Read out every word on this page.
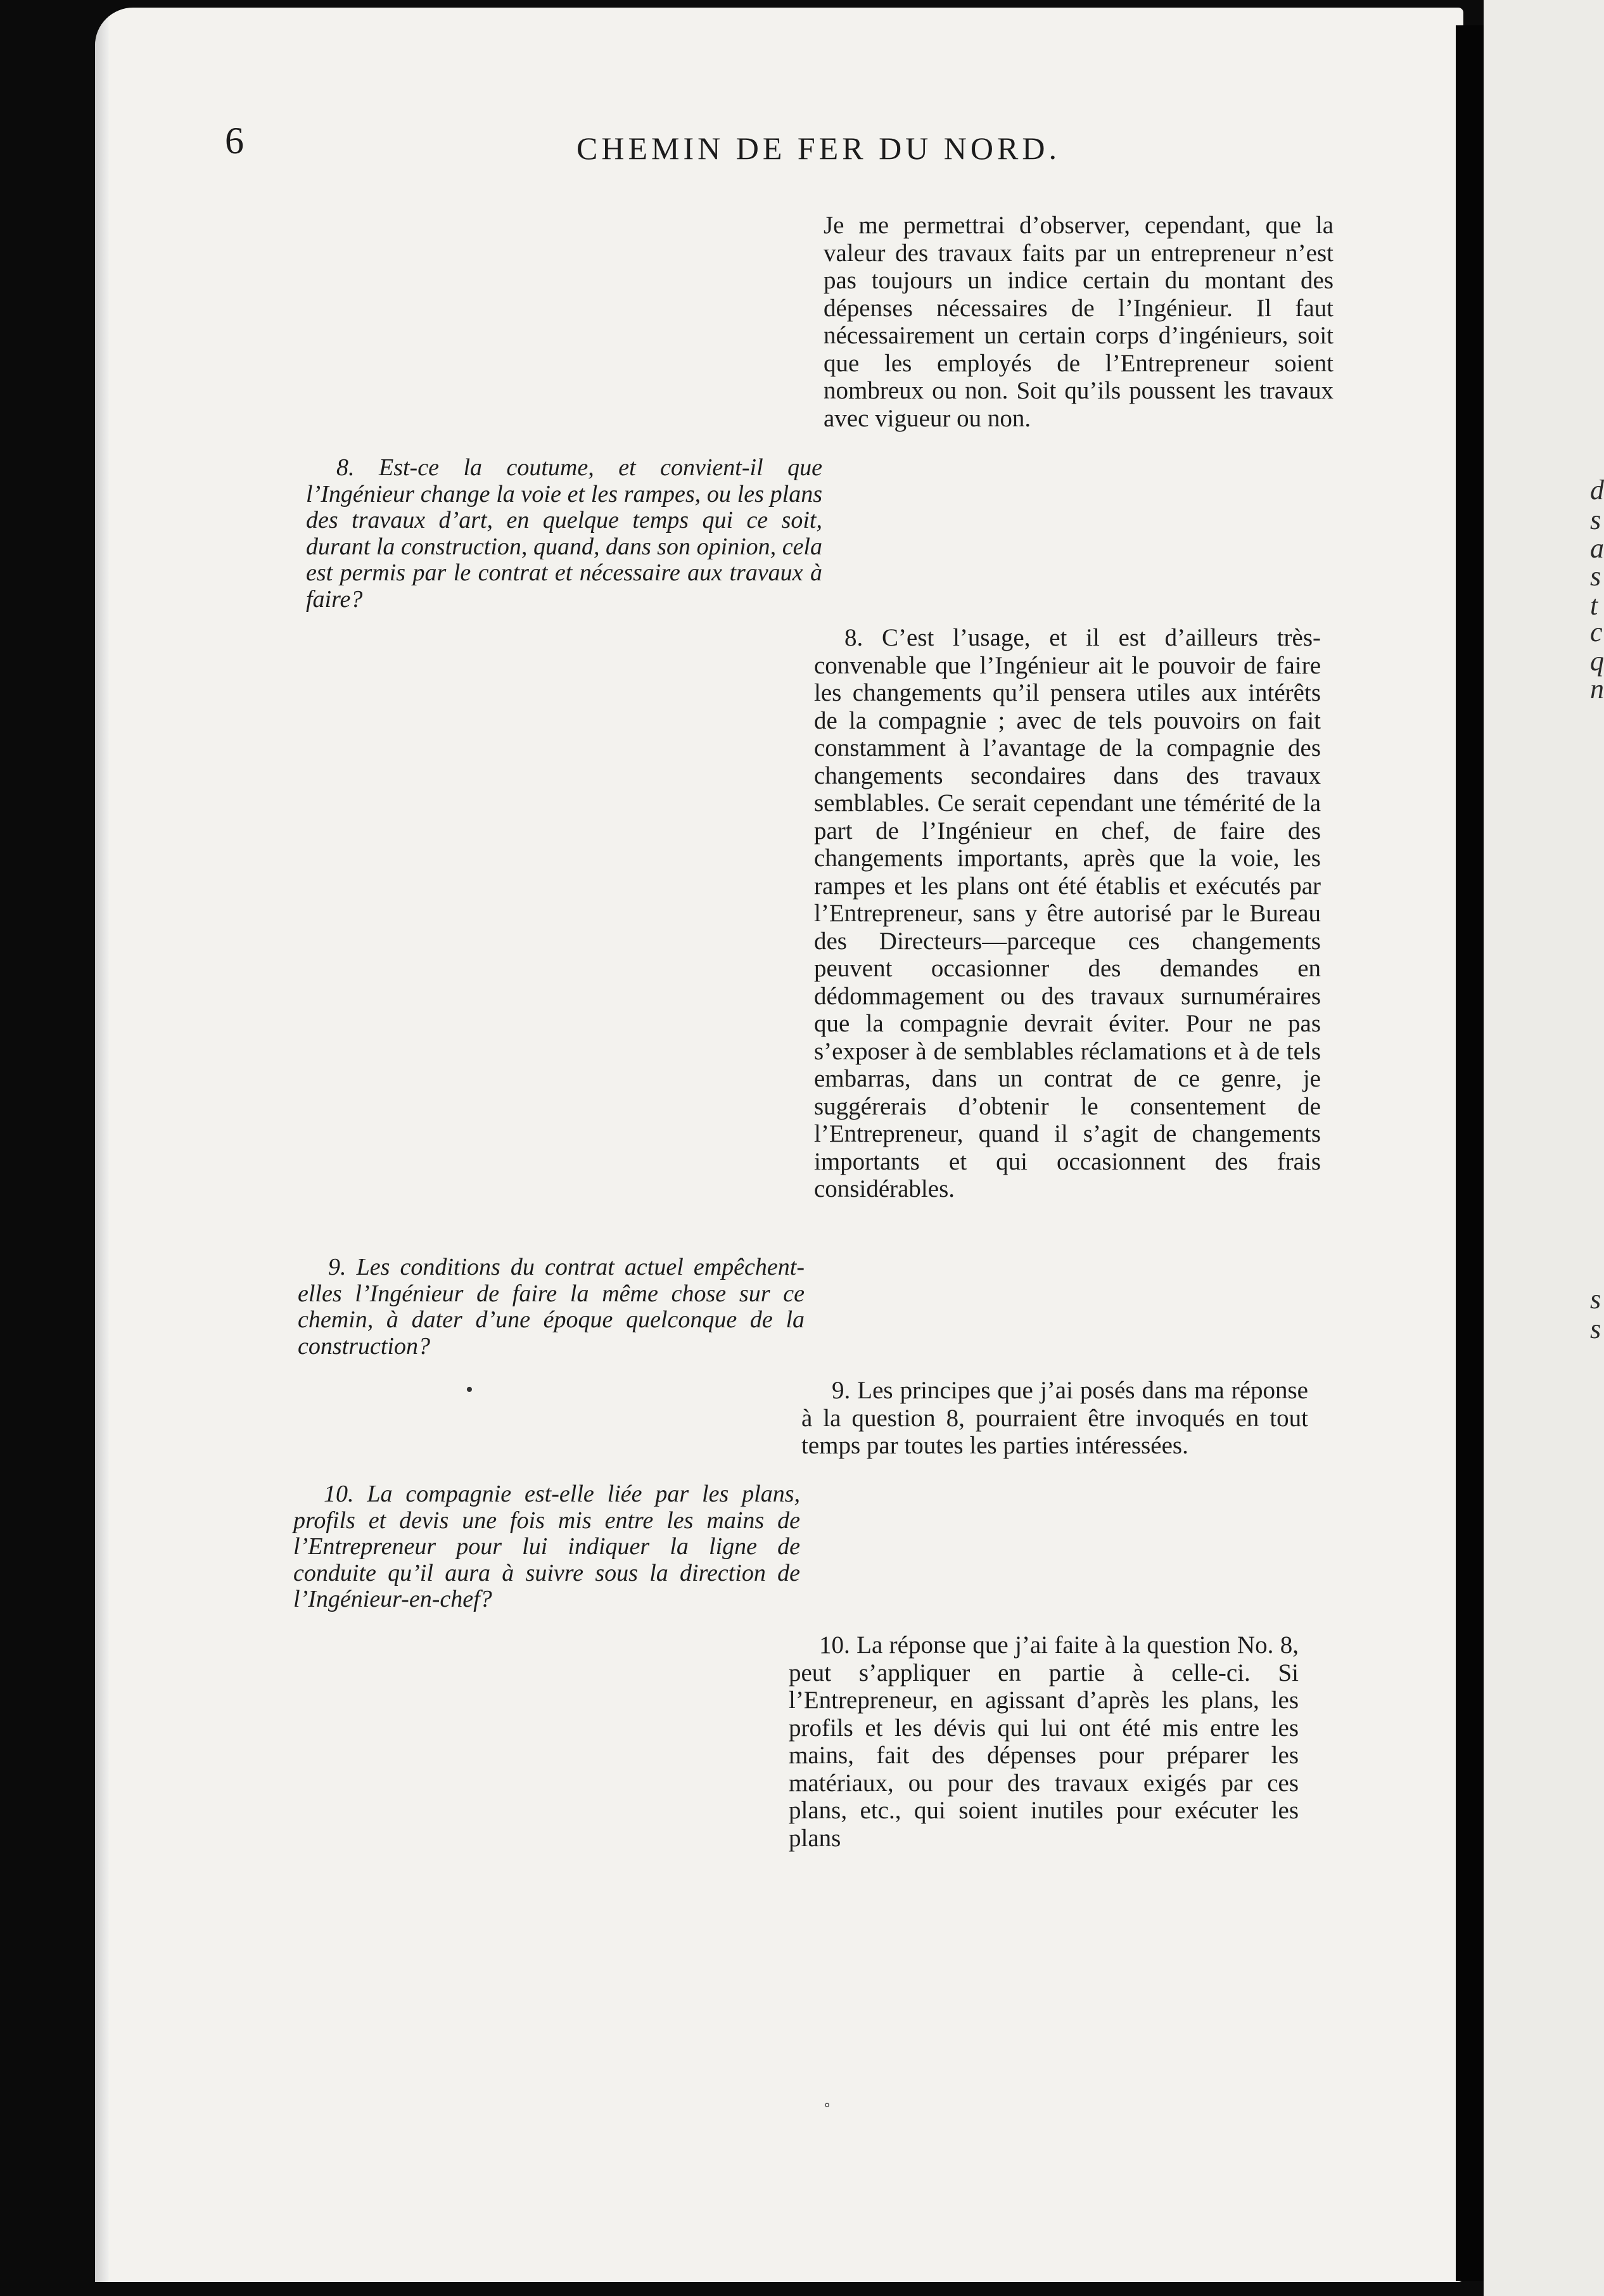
d
s
a
s
t
c
q
n
s
s
6	CHEMIN DE FER DU NORD.
Je me permettrai d’observer, cependant, que la valeur des travaux faits par un entrepreneur n’est pas toujours un indice certain du montant des dépenses nécessaires de l’Ingénieur. Il faut nécessairement un certain corps d’ingénieurs, soit que les employés de l’Entrepreneur soient nombreux ou non. Soit qu’ils poussent les travaux avec vigueur ou non.
8. Est-ce la coutume, et convient-il que l’Ingénieur change la voie et les rampes, ou les plans des travaux d’art, en quelque temps qui ce soit, durant la construction, quand, dans son opinion, cela est permis par le contrat et nécessaire aux travaux à faire?
8. C’est l’usage, et il est d’ailleurs très-convenable que l’Ingénieur ait le pouvoir de faire les changements qu’il pensera utiles aux intérêts de la compagnie ; avec de tels pouvoirs on fait constamment à l’avantage de la compagnie des changements secondaires dans des travaux semblables. Ce serait cependant une témérité de la part de l’Ingénieur en chef, de faire des changements importants, après que la voie, les rampes et les plans ont été établis et exécutés par l’Entrepreneur, sans y être autorisé par le Bureau des Directeurs—parceque ces changements peuvent occasionner des demandes en dédommagement ou des travaux surnuméraires que la compagnie devrait éviter. Pour ne pas s’exposer à de semblables réclamations et à de tels embarras, dans un contrat de ce genre, je suggérerais d’obtenir le consentement de l’Entrepreneur, quand il s’agit de changements importants et qui occasionnent des frais considérables.
9. Les conditions du contrat actuel empêchent-elles l’Ingénieur de faire la même chose sur ce chemin, à dater d’une époque quelconque de la construction?
9. Les principes que j’ai posés dans ma réponse à la question 8, pourraient être invoqués en tout temps par toutes les parties intéressées.
10. La compagnie est-elle liée par les plans, profils et devis une fois mis entre les mains de l’Entrepreneur pour lui indiquer la ligne de conduite qu’il aura à suivre sous la direction de l’Ingénieur-en-chef?
10. La réponse que j’ai faite à la question No. 8, peut s’appliquer en partie à celle-ci. Si l’Entrepreneur, en agissant d’après les plans, les profils et les dévis qui lui ont été mis entre les mains, fait des dépenses pour préparer les matériaux, ou pour des travaux exigés par ces plans, etc., qui soient inutiles pour exécuter les plans
•
˚
